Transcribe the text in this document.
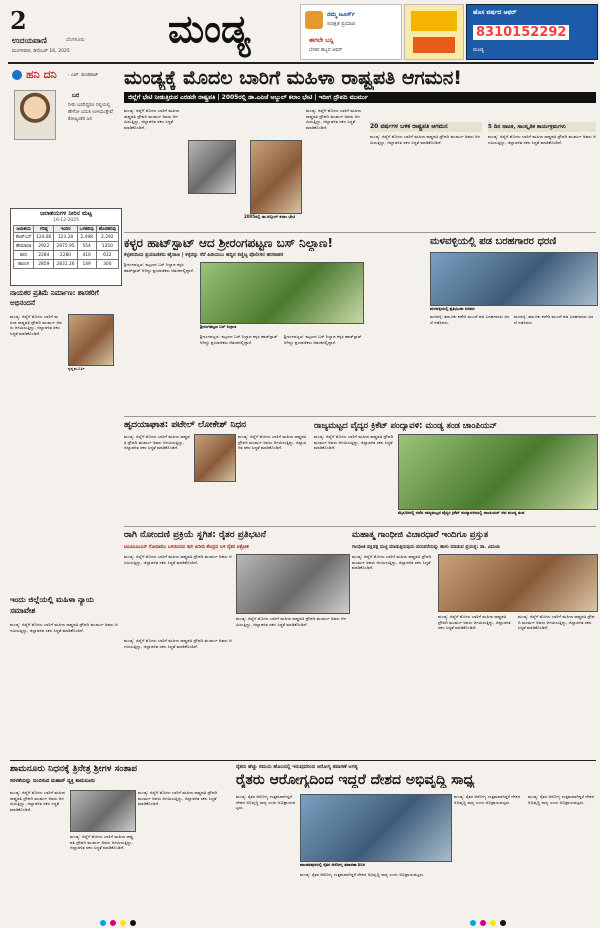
2
ಉದಯವಾಣಿ	ಬೆಂಗಳೂರು
ಮಂಗಳವಾರ, ಡಿಸೆಂಬರ್ 16, 2025
ಮಂಡ್ಯ	ನಮ್ಮ ಟೂರ್ಸ್
ಸುರಕ್ಷಿತ ಪ್ರಯಾಣ
ಈಗಲೇ ಬನ್ನಿ
ಬೆಳಕಿನ ಹಬ್ಬದ ಆಫರ್
ಹೊಸ ವರ್ಷದ ಆಫರ್
8310152292
ಮಂಡ್ಯ
ಹನಿ ದನಿ	- ಎಚ್. ಡುಂಡಿರಾಜ್
ಬರ
ನೀರು ಬರದಿದ್ದರೂ ನಲ್ಲಿಯಲ್ಲಿ ಹೇಗೋ ಬದುಕಿ ಉಳಿಯುತ್ತೇವೆ ಕೋಟ್ಯಂತರ ಜನ
ಜಲಾಶಯಗಳ ನೀರಿನ ಮಟ್ಟ
16-12-2025
ಜಲಾಶಯ	ಗರಿಷ್ಠ	ಇಂದಿನ	ಒಳಹರಿವು	ಹೊರಹರಿವು
ಕೆಆರ್‌ಎಸ್	124.80	123.28	2,498	2,292
ಹೇಮಾವತಿ	2922	2875.95	554	1350
ಕಬಿನಿ	2284	2280	410	632
ಹಾರಂಗಿ	2859	2831.26	149	300
ನಾಯಕರ ಪ್ರತಿಮೆ ನಿರ್ಮಾಣ: ಶಾಸಕರಿಗೆ ಅಭಿನಂದನೆ
ಕೃಷ್ಣಮೂರ್ತಿ
ಮಂಡ್ಯ: ಜಿಲ್ಲೆಗೆ ಮೊದಲ ಬಾರಿಗೆ ಮಹಿಳಾ ರಾಷ್ಟ್ರಪತಿ ದ್ರೌಪದಿ ಮುರ್ಮು ಅವರು ಆಗಮಿಸುತ್ತಿದ್ದು, ಜಿಲ್ಲಾಡಳಿತ ಸಕಲ ಸಿದ್ಧತೆ ಮಾಡಿಕೊಂಡಿದೆ.
ಮಂಡ್ಯಕ್ಕೆ ಮೊದಲ ಬಾರಿಗೆ ಮಹಿಳಾ ರಾಷ್ಟ್ರಪತಿ ಆಗಮನ!
ಜಿಲ್ಲೆಗೆ ಭೇಟಿ ನೀಡುತ್ತಿರುವ ಎರಡನೇ ರಾಷ್ಟ್ರಪತಿ | 2005ರಲ್ಲಿ ಡಾ.ಎಪಿಜೆ ಅಬ್ದುಲ್ ಕಲಾಂ ಭೇಟಿ | ಇದೀಗ ದ್ರೌಪದಿ ಮುರ್ಮು
2005ರಲ್ಲಿ ಡಾ.ಅಬ್ದುಲ್ ಕಲಾಂ ಭೇಟಿ
ಮಂಡ್ಯ: ಜಿಲ್ಲೆಗೆ ಮೊದಲ ಬಾರಿಗೆ ಮಹಿಳಾ ರಾಷ್ಟ್ರಪತಿ ದ್ರೌಪದಿ ಮುರ್ಮು ಅವರು ಆಗಮಿಸುತ್ತಿದ್ದು, ಜಿಲ್ಲಾಡಳಿತ ಸಕಲ ಸಿದ್ಧತೆ ಮಾಡಿಕೊಂಡಿದೆ.
ಮಂಡ್ಯ: ಜಿಲ್ಲೆಗೆ ಮೊದಲ ಬಾರಿಗೆ ಮಹಿಳಾ ರಾಷ್ಟ್ರಪತಿ ದ್ರೌಪದಿ ಮುರ್ಮು ಅವರು ಆಗಮಿಸುತ್ತಿದ್ದು, ಜಿಲ್ಲಾಡಳಿತ ಸಕಲ ಸಿದ್ಧತೆ ಮಾಡಿಕೊಂಡಿದೆ.	20 ವರ್ಷಗಳ ಬಳಿಕ ರಾಷ್ಟ್ರಪತಿ ಆಗಮನ
ಮಂಡ್ಯ: ಜಿಲ್ಲೆಗೆ ಮೊದಲ ಬಾರಿಗೆ ಮಹಿಳಾ ರಾಷ್ಟ್ರಪತಿ ದ್ರೌಪದಿ ಮುರ್ಮು ಅವರು ಆಗಮಿಸುತ್ತಿದ್ದು, ಜಿಲ್ಲಾಡಳಿತ ಸಕಲ ಸಿದ್ಧತೆ ಮಾಡಿಕೊಂಡಿದೆ.
5 ದಿನ ನಾಟಕ, ಸಾಂಸ್ಕೃತಿಕ ಕಾರ್ಯಕ್ರಮಗಳು
ಮಂಡ್ಯ: ಜಿಲ್ಲೆಗೆ ಮೊದಲ ಬಾರಿಗೆ ಮಹಿಳಾ ರಾಷ್ಟ್ರಪತಿ ದ್ರೌಪದಿ ಮುರ್ಮು ಅವರು ಆಗಮಿಸುತ್ತಿದ್ದು, ಜಿಲ್ಲಾಡಳಿತ ಸಕಲ ಸಿದ್ಧತೆ ಮಾಡಿಕೊಂಡಿದೆ.
ಕಳ್ಳರ ಹಾಟ್‌ಸ್ಪಾಟ್ ಆದ ಶ್ರೀರಂಗಪಟ್ಟಣ ಬಸ್ ನಿಲ್ದಾಣ!
ಕಳ್ಳತನದಿಂದ ಪ್ರಯಾಣಿಕರು ಹೈರಾಣ | ಕಳ್ಳರನ್ನು ಸೆರೆ ಹಿಡಿಯಲು ಹದ್ದಿನ ಕಣ್ಣಿಟ್ಟ ಪೊಲೀಸರ ಹರಸಾಹಸ
ಶ್ರೀರಂಗಪಟ್ಟಣ ಬಸ್ ನಿಲ್ದಾಣ
ಶ್ರೀರಂಗಪಟ್ಟಣ: ಪಟ್ಟಣದ ಬಸ್ ನಿಲ್ದಾಣ ಕಳ್ಳರ ಹಾಟ್‌ಸ್ಪಾಟ್ ಆಗಿದ್ದು ಪ್ರಯಾಣಿಕರು ಆತಂಕದಲ್ಲಿದ್ದಾರೆ.
ಶ್ರೀರಂಗಪಟ್ಟಣ: ಪಟ್ಟಣದ ಬಸ್ ನಿಲ್ದಾಣ ಕಳ್ಳರ ಹಾಟ್‌ಸ್ಪಾಟ್ ಆಗಿದ್ದು ಪ್ರಯಾಣಿಕರು ಆತಂಕದಲ್ಲಿದ್ದಾರೆ.
ಶ್ರೀರಂಗಪಟ್ಟಣ: ಪಟ್ಟಣದ ಬಸ್ ನಿಲ್ದಾಣ ಕಳ್ಳರ ಹಾಟ್‌ಸ್ಪಾಟ್ ಆಗಿದ್ದು ಪ್ರಯಾಣಿಕರು ಆತಂಕದಲ್ಲಿದ್ದಾರೆ.
ಮಳವಳ್ಳಿಯಲ್ಲಿ ಪಡ ಬರಹಗಾರರ ಧರಣಿ
ಮಳವಳ್ಳಿಯಲ್ಲಿ ಪ್ರತಿಭಟನಾ ನಿರತರು
ಮಳವಳ್ಳಿ: ತಾಲೂಕು ಕಚೇರಿ ಮುಂದೆ ಪಡ ಬರಹಗಾರರು ಧರಣಿ ನಡೆಸಿದರು.
ಮಳವಳ್ಳಿ: ತಾಲೂಕು ಕಚೇರಿ ಮುಂದೆ ಪಡ ಬರಹಗಾರರು ಧರಣಿ ನಡೆಸಿದರು.
ಹೃದಯಾಘಾತ: ಪಟೇಲ್ ಲೋಕೇಶ್ ನಿಧನ
ಮಂಡ್ಯ: ಜಿಲ್ಲೆಗೆ ಮೊದಲ ಬಾರಿಗೆ ಮಹಿಳಾ ರಾಷ್ಟ್ರಪತಿ ದ್ರೌಪದಿ ಮುರ್ಮು ಅವರು ಆಗಮಿಸುತ್ತಿದ್ದು, ಜಿಲ್ಲಾಡಳಿತ ಸಕಲ ಸಿದ್ಧತೆ ಮಾಡಿಕೊಂಡಿದೆ.
ಮಂಡ್ಯ: ಜಿಲ್ಲೆಗೆ ಮೊದಲ ಬಾರಿಗೆ ಮಹಿಳಾ ರಾಷ್ಟ್ರಪತಿ ದ್ರೌಪದಿ ಮುರ್ಮು ಅವರು ಆಗಮಿಸುತ್ತಿದ್ದು, ಜಿಲ್ಲಾಡಳಿತ ಸಕಲ ಸಿದ್ಧತೆ ಮಾಡಿಕೊಂಡಿದೆ.
ರಾಜ್ಯಮಟ್ಟದ ವೈದ್ಯರ ಕ್ರಿಕೆಟ್ ಪಂದ್ಯಾವಳಿ: ಮಂಡ್ಯ ತಂಡ ಚಾಂಪಿಯನ್
ಮಂಡ್ಯ: ಜಿಲ್ಲೆಗೆ ಮೊದಲ ಬಾರಿಗೆ ಮಹಿಳಾ ರಾಷ್ಟ್ರಪತಿ ದ್ರೌಪದಿ ಮುರ್ಮು ಅವರು ಆಗಮಿಸುತ್ತಿದ್ದು, ಜಿಲ್ಲಾಡಳಿತ ಸಕಲ ಸಿದ್ಧತೆ ಮಾಡಿಕೊಂಡಿದೆ.
ಮೈಸೂರಿನಲ್ಲಿ ನಡೆದ ರಾಜ್ಯಮಟ್ಟದ ವೈದ್ಯರ ಕ್ರಿಕೆಟ್ ಪಂದ್ಯಾವಳಿಯಲ್ಲಿ ಚಾಂಪಿಯನ್ ಆದ ಮಂಡ್ಯ ತಂಡ
ರಾಗಿ ನೋಂದಣಿ ಪ್ರಕ್ರಿಯೆ ಸ್ಥಗಿತ: ರೈತರ ಪ್ರತಿಭಟನೆ
ಟಿಎಪಿಸಿಎಂಎಸ್ ಗೋದಾಮು ಬಳಿಯಿರುವ ರಾಗಿ ಖರೀದಿ ಕೇಂದ್ರದ ಬಳಿ ರೈತರ ಆಕ್ರೋಶ
ಮಂಡ್ಯ: ಜಿಲ್ಲೆಗೆ ಮೊದಲ ಬಾರಿಗೆ ಮಹಿಳಾ ರಾಷ್ಟ್ರಪತಿ ದ್ರೌಪದಿ ಮುರ್ಮು ಅವರು ಆಗಮಿಸುತ್ತಿದ್ದು, ಜಿಲ್ಲಾಡಳಿತ ಸಕಲ ಸಿದ್ಧತೆ ಮಾಡಿಕೊಂಡಿದೆ.
ಮಂಡ್ಯ: ಜಿಲ್ಲೆಗೆ ಮೊದಲ ಬಾರಿಗೆ ಮಹಿಳಾ ರಾಷ್ಟ್ರಪತಿ ದ್ರೌಪದಿ ಮುರ್ಮು ಅವರು ಆಗಮಿಸುತ್ತಿದ್ದು, ಜಿಲ್ಲಾಡಳಿತ ಸಕಲ ಸಿದ್ಧತೆ ಮಾಡಿಕೊಂಡಿದೆ.
ಇಂದು ಜಿಲ್ಲೆಯಲ್ಲಿ ಮಹಿಳಾ ನ್ಯಾಯ ಸಮಾವೇಶ
ಮಂಡ್ಯ: ಜಿಲ್ಲೆಗೆ ಮೊದಲ ಬಾರಿಗೆ ಮಹಿಳಾ ರಾಷ್ಟ್ರಪತಿ ದ್ರೌಪದಿ ಮುರ್ಮು ಅವರು ಆಗಮಿಸುತ್ತಿದ್ದು, ಜಿಲ್ಲಾಡಳಿತ ಸಕಲ ಸಿದ್ಧತೆ ಮಾಡಿಕೊಂಡಿದೆ.
ಮಂಡ್ಯ: ಜಿಲ್ಲೆಗೆ ಮೊದಲ ಬಾರಿಗೆ ಮಹಿಳಾ ರಾಷ್ಟ್ರಪತಿ ದ್ರೌಪದಿ ಮುರ್ಮು ಅವರು ಆಗಮಿಸುತ್ತಿದ್ದು, ಜಿಲ್ಲಾಡಳಿತ ಸಕಲ ಸಿದ್ಧತೆ ಮಾಡಿಕೊಂಡಿದೆ.
ಮಹಾತ್ಮ ಗಾಂಧೀಜಿ ವಿಚಾರಧಾರೆ ಇಂದಿಗೂ ಪ್ರಸ್ತುತ
ಗಾಂಧೀಜಿ ಪಕ್ಷಿಪಕ್ಷ ಮಟ್ಟಿ ಮಾಡುತ್ತಿರುವುದು ಪರಂಪರೆಯನ್ನು ಹಾಳು ಮಾಡುವ ಪ್ರಯತ್ನ: ಡಾ. ವಿಮಲಾ
ಮಂಡ್ಯ: ಜಿಲ್ಲೆಗೆ ಮೊದಲ ಬಾರಿಗೆ ಮಹಿಳಾ ರಾಷ್ಟ್ರಪತಿ ದ್ರೌಪದಿ ಮುರ್ಮು ಅವರು ಆಗಮಿಸುತ್ತಿದ್ದು, ಜಿಲ್ಲಾಡಳಿತ ಸಕಲ ಸಿದ್ಧತೆ ಮಾಡಿಕೊಂಡಿದೆ.
ಮಂಡ್ಯ: ಜಿಲ್ಲೆಗೆ ಮೊದಲ ಬಾರಿಗೆ ಮಹಿಳಾ ರಾಷ್ಟ್ರಪತಿ ದ್ರೌಪದಿ ಮುರ್ಮು ಅವರು ಆಗಮಿಸುತ್ತಿದ್ದು, ಜಿಲ್ಲಾಡಳಿತ ಸಕಲ ಸಿದ್ಧತೆ ಮಾಡಿಕೊಂಡಿದೆ.
ಮಂಡ್ಯ: ಜಿಲ್ಲೆಗೆ ಮೊದಲ ಬಾರಿಗೆ ಮಹಿಳಾ ರಾಷ್ಟ್ರಪತಿ ದ್ರೌಪದಿ ಮುರ್ಮು ಅವರು ಆಗಮಿಸುತ್ತಿದ್ದು, ಜಿಲ್ಲಾಡಳಿತ ಸಕಲ ಸಿದ್ಧತೆ ಮಾಡಿಕೊಂಡಿದೆ.
ಶಾಮನೂರು ನಿಧನಕ್ಕೆ ತ್ರಿನೇತ್ರ ಶ್ರೀಗಳ ಸಂತಾಪ
ಸರಳತೆಯನ್ನು ಬಿಂಬಿಸುವ ಮಹಾನ್ ವ್ಯಕ್ತಿ ಶಾಮನೂರು
ಮಂಡ್ಯ: ಜಿಲ್ಲೆಗೆ ಮೊದಲ ಬಾರಿಗೆ ಮಹಿಳಾ ರಾಷ್ಟ್ರಪತಿ ದ್ರೌಪದಿ ಮುರ್ಮು ಅವರು ಆಗಮಿಸುತ್ತಿದ್ದು, ಜಿಲ್ಲಾಡಳಿತ ಸಕಲ ಸಿದ್ಧತೆ ಮಾಡಿಕೊಂಡಿದೆ.
ಮಂಡ್ಯ: ಜಿಲ್ಲೆಗೆ ಮೊದಲ ಬಾರಿಗೆ ಮಹಿಳಾ ರಾಷ್ಟ್ರಪತಿ ದ್ರೌಪದಿ ಮುರ್ಮು ಅವರು ಆಗಮಿಸುತ್ತಿದ್ದು, ಜಿಲ್ಲಾಡಳಿತ ಸಕಲ ಸಿದ್ಧತೆ ಮಾಡಿಕೊಂಡಿದೆ.
ಮಂಡ್ಯ: ಜಿಲ್ಲೆಗೆ ಮೊದಲ ಬಾರಿಗೆ ಮಹಿಳಾ ರಾಷ್ಟ್ರಪತಿ ದ್ರೌಪದಿ ಮುರ್ಮು ಅವರು ಆಗಮಿಸುತ್ತಿದ್ದು, ಜಿಲ್ಲಾಡಳಿತ ಸಕಲ ಸಿದ್ಧತೆ ಮಾಡಿಕೊಂಡಿದೆ.
ರೈತರು ಹೆಚ್ಚು ಸಮಯ ಹೊಲದಲ್ಲಿ ಇರುವುದರಿಂದ ಆರೋಗ್ಯ ತಪಾಸಣೆ ಅಗತ್ಯ
ರೈತರು ಆರೋಗ್ಯದಿಂದ ಇದ್ದರೆ ದೇಶದ ಅಭಿವೃದ್ಧಿ ಸಾಧ್ಯ
ಮಂಡ್ಯ: ರೈತರ ಆರೋಗ್ಯ ಉತ್ತಮವಾಗಿದ್ದರೆ ದೇಶದ ಅಭಿವೃದ್ಧಿ ಸಾಧ್ಯ ಎಂದು ಅಭಿಪ್ರಾಯಪಟ್ಟರು.
ಪಾಂಡವಪುರದಲ್ಲಿ ರೈತರ ಆರೋಗ್ಯ ತಪಾಸಣಾ ಶಿಬಿರ
ಮಂಡ್ಯ: ರೈತರ ಆರೋಗ್ಯ ಉತ್ತಮವಾಗಿದ್ದರೆ ದೇಶದ ಅಭಿವೃದ್ಧಿ ಸಾಧ್ಯ ಎಂದು ಅಭಿಪ್ರಾಯಪಟ್ಟರು.
ಮಂಡ್ಯ: ರೈತರ ಆರೋಗ್ಯ ಉತ್ತಮವಾಗಿದ್ದರೆ ದೇಶದ ಅಭಿವೃದ್ಧಿ ಸಾಧ್ಯ ಎಂದು ಅಭಿಪ್ರಾಯಪಟ್ಟರು.
ಮಂಡ್ಯ: ರೈತರ ಆರೋಗ್ಯ ಉತ್ತಮವಾಗಿದ್ದರೆ ದೇಶದ ಅಭಿವೃದ್ಧಿ ಸಾಧ್ಯ ಎಂದು ಅಭಿಪ್ರಾಯಪಟ್ಟರು.
